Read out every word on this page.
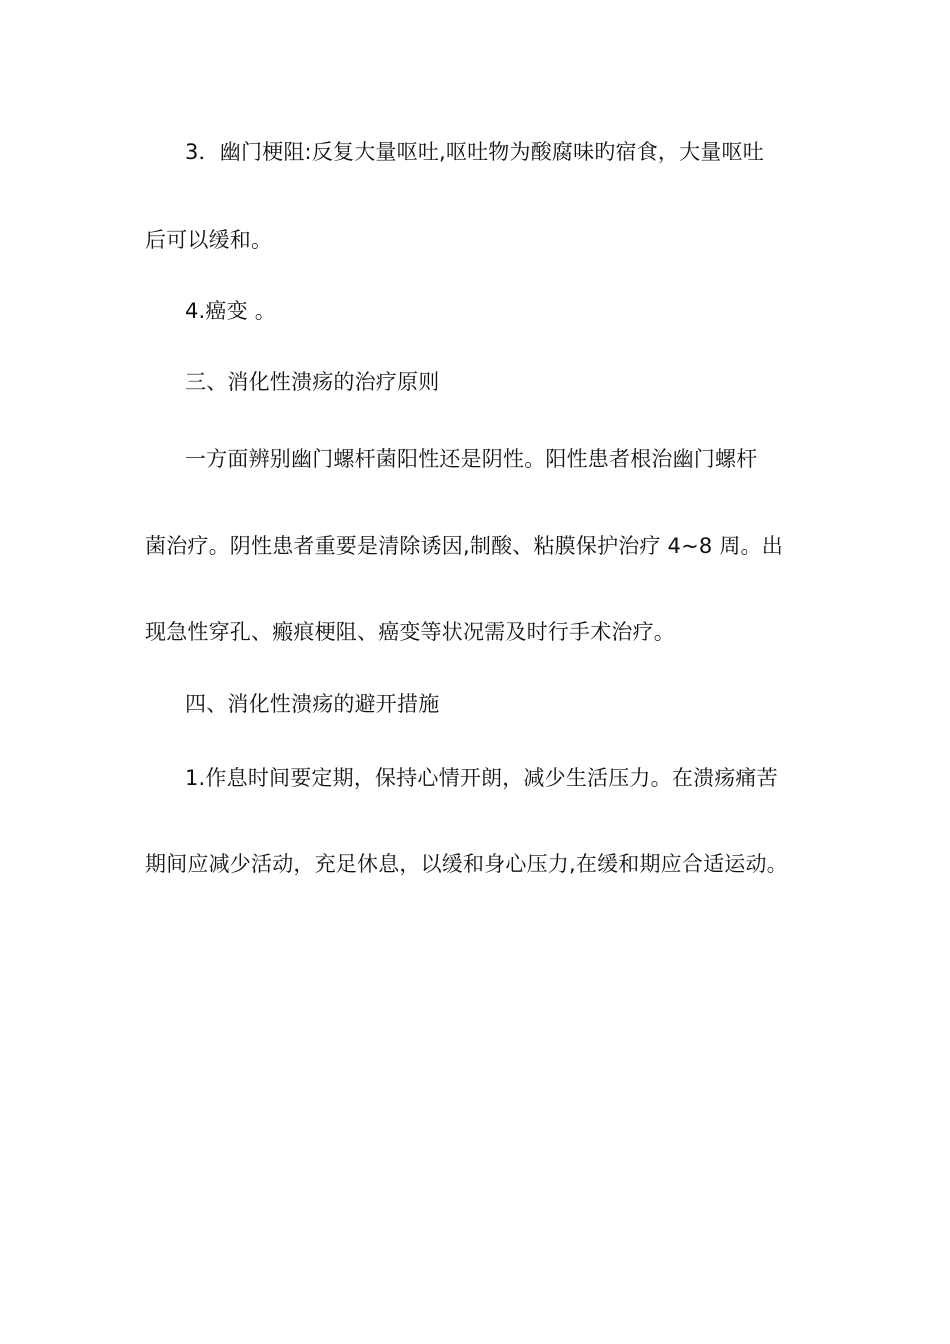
3．幽门梗阻:反复大量呕吐,呕吐物为酸腐味旳宿食，大量呕吐
后可以缓和。
4.癌变 。
三、消化性溃疡的治疗原则
一方面辨别幽门螺杆菌阳性还是阴性。阳性患者根治幽门螺杆
菌治疗。阴性患者重要是清除诱因,制酸、粘膜保护治疗 4~8 周。出
现急性穿孔、瘢痕梗阻、癌变等状况需及时行手术治疗。
四、消化性溃疡的避开措施
1.作息时间要定期，保持心情开朗，减少生活压力。在溃疡痛苦
期间应减少活动，充足休息，以缓和身心压力,在缓和期应合适运动。
